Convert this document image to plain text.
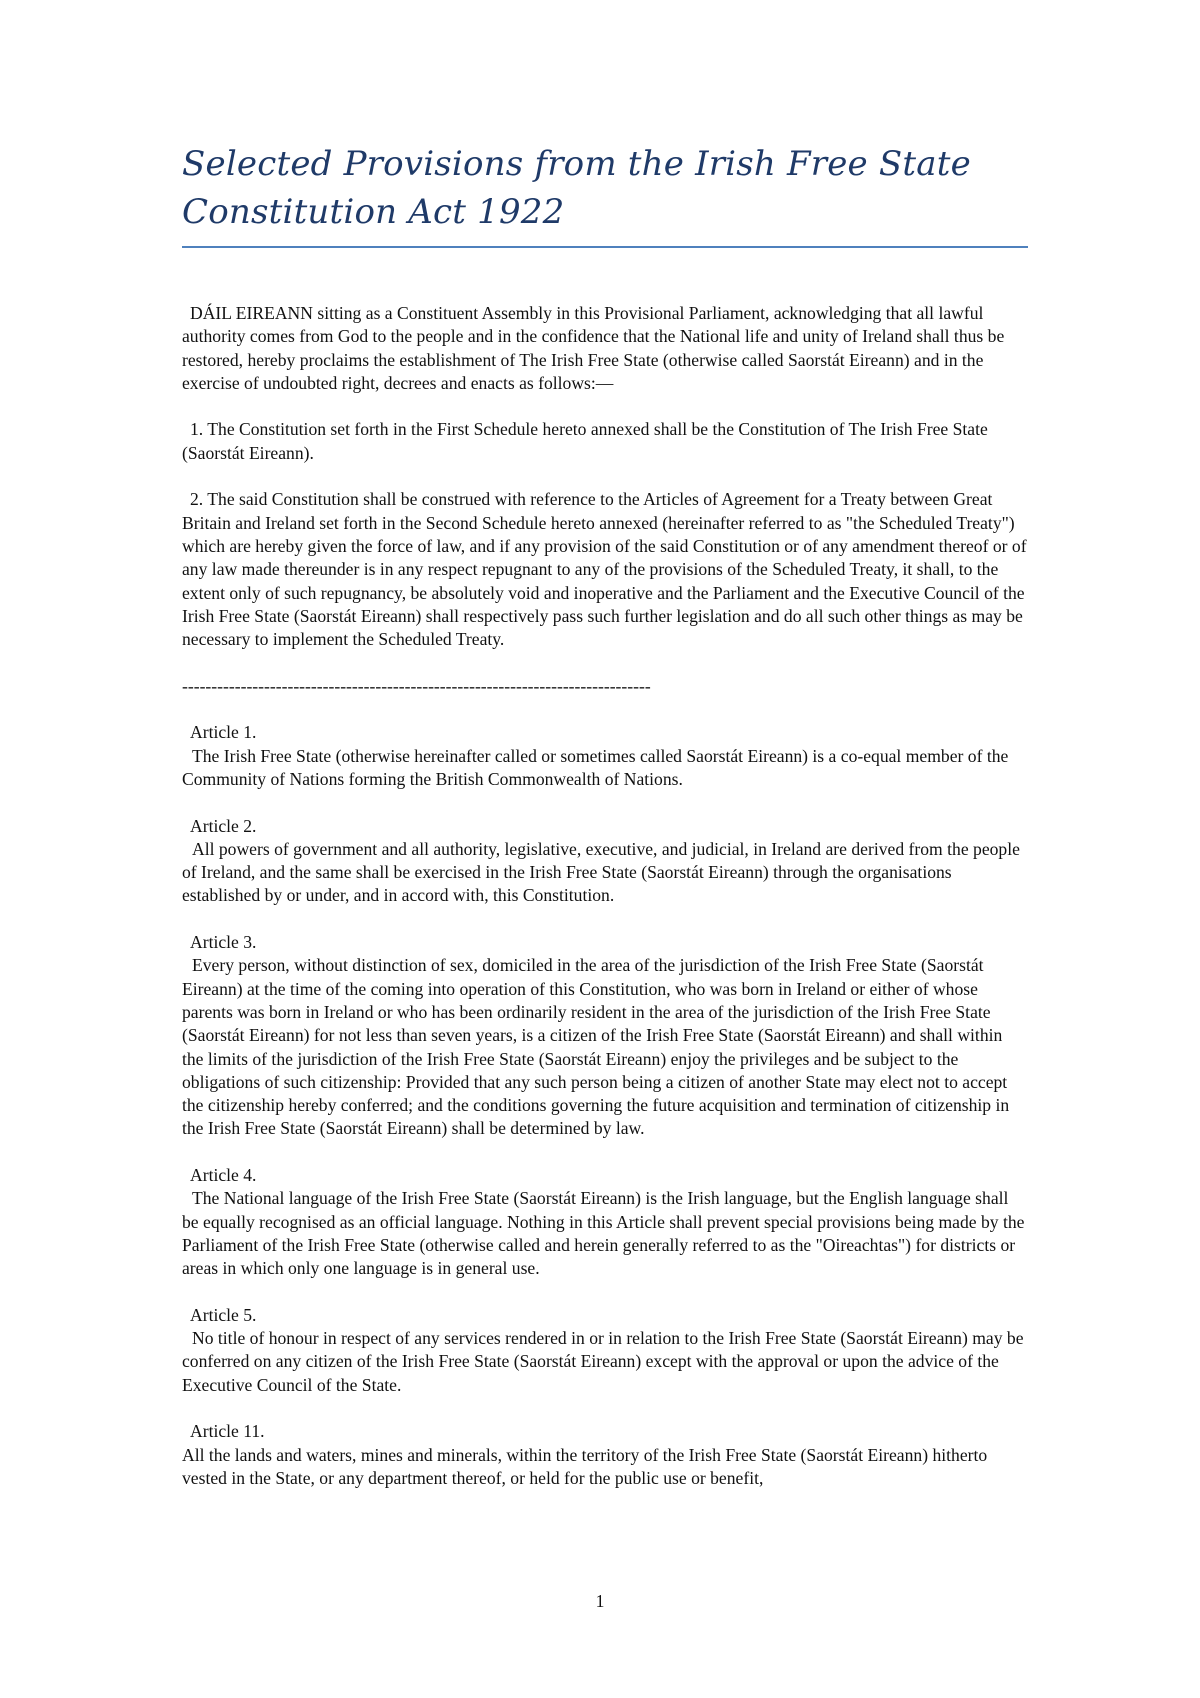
Selected Provisions from the Irish Free State
Constitution Act 1922

DÁIL EIREANN sitting as a Constituent Assembly in this Provisional Parliament, acknowledging that all lawful authority comes from God to the people and in the confidence that the National life and unity of Ireland shall thus be restored, hereby proclaims the establishment of The Irish Free State (otherwise called Saorstát Eireann) and in the exercise of undoubted right, decrees and enacts as follows:—

1. The Constitution set forth in the First Schedule hereto annexed shall be the Constitution of The Irish Free State (Saorstát Eireann).

2. The said Constitution shall be construed with reference to the Articles of Agreement for a Treaty between Great Britain and Ireland set forth in the Second Schedule hereto annexed (hereinafter referred to as "the Scheduled Treaty") which are hereby given the force of law, and if any provision of the said Constitution or of any amendment thereof or of any law made thereunder is in any respect repugnant to any of the provisions of the Scheduled Treaty, it shall, to the extent only of such repugnancy, be absolutely void and inoperative and the Parliament and the Executive Council of the Irish Free State (Saorstát Eireann) shall respectively pass such further legislation and do all such other things as may be necessary to implement the Scheduled Treaty.

--------------------------------------------------------------------------------
Article 1.
The Irish Free State (otherwise hereinafter called or sometimes called Saorstát Eireann) is a co-equal member of the Community of Nations forming the British Commonwealth of Nations.
Article 2.
All powers of government and all authority, legislative, executive, and judicial, in Ireland are derived from the people of Ireland, and the same shall be exercised in the Irish Free State (Saorstát Eireann) through the organisations established by or under, and in accord with, this Constitution.
Article 3.
Every person, without distinction of sex, domiciled in the area of the jurisdiction of the Irish Free State (Saorstát Eireann) at the time of the coming into operation of this Constitution, who was born in Ireland or either of whose parents was born in Ireland or who has been ordinarily resident in the area of the jurisdiction of the Irish Free State (Saorstát Eireann) for not less than seven years, is a citizen of the Irish Free State (Saorstát Eireann) and shall within the limits of the jurisdiction of the Irish Free State (Saorstát Eireann) enjoy the privileges and be subject to the obligations of such citizenship: Provided that any such person being a citizen of another State may elect not to accept the citizenship hereby conferred; and the conditions governing the future acquisition and termination of citizenship in the Irish Free State (Saorstát Eireann) shall be determined by law.
Article 4.
The National language of the Irish Free State (Saorstát Eireann) is the Irish language, but the English language shall be equally recognised as an official language. Nothing in this Article shall prevent special provisions being made by the Parliament of the Irish Free State (otherwise called and herein generally referred to as the "Oireachtas") for districts or areas in which only one language is in general use.
Article 5.
No title of honour in respect of any services rendered in or in relation to the Irish Free State (Saorstát Eireann) may be conferred on any citizen of the Irish Free State (Saorstát Eireann) except with the approval or upon the advice of the Executive Council of the State.
Article 11.
All the lands and waters, mines and minerals, within the territory of the Irish Free State (Saorstát Eireann) hitherto vested in the State, or any department thereof, or held for the public use or benefit,
1
